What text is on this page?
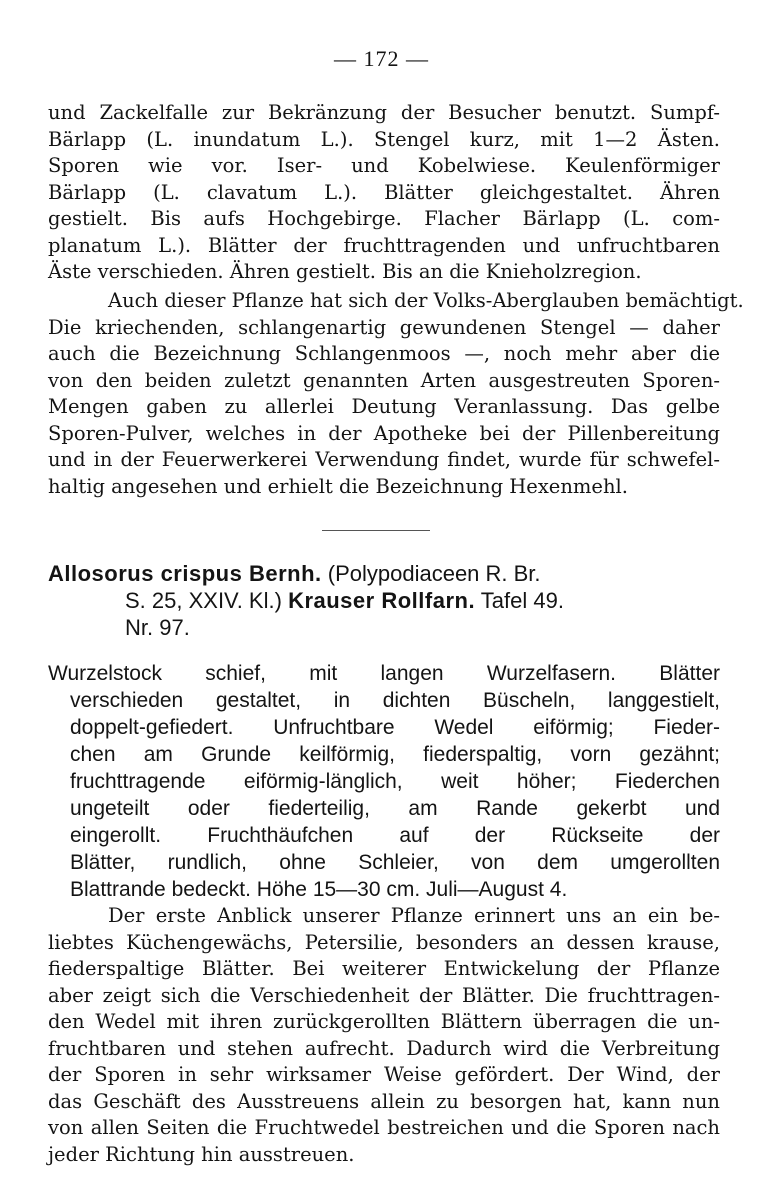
— 172 —
und Zackelfalle zur Bekränzung der Besucher benutzt. Sumpf-
Bärlapp (L. inundatum L.). Stengel kurz, mit 1—2 Ästen.
Sporen wie vor. Iser- und Kobelwiese. Keulenförmiger
Bärlapp (L. clavatum L.). Blätter gleichgestaltet. Ähren
gestielt. Bis aufs Hochgebirge. Flacher Bärlapp (L. com-
planatum L.). Blätter der fruchttragenden und unfruchtbaren
Äste verschieden. Ähren gestielt. Bis an die Knieholzregion.
Auch dieser Pflanze hat sich der Volks-Aberglauben bemächtigt.
Die kriechenden, schlangenartig gewundenen Stengel — daher
auch die Bezeichnung Schlangenmoos —, noch mehr aber die
von den beiden zuletzt genannten Arten ausgestreuten Sporen-
Mengen gaben zu allerlei Deutung Veranlassung. Das gelbe
Sporen-Pulver, welches in der Apotheke bei der Pillenbereitung
und in der Feuerwerkerei Verwendung findet, wurde für schwefel-
haltig angesehen und erhielt die Bezeichnung Hexenmehl.
Allosorus crispus Bernh. (Polypodiaceen R. Br.
S. 25, XXIV. Kl.) Krauser Rollfarn. Tafel 49.
Nr. 97.
Wurzelstock schief, mit langen Wurzelfasern. Blätter
verschieden gestaltet, in dichten Büscheln, langgestielt,
doppelt-gefiedert. Unfruchtbare Wedel eiförmig; Fieder-
chen am Grunde keilförmig, fiederspaltig, vorn gezähnt;
fruchttragende eiförmig-länglich, weit höher; Fiederchen
ungeteilt oder fiederteilig, am Rande gekerbt und
eingerollt. Fruchthäufchen auf der Rückseite der
Blätter, rundlich, ohne Schleier, von dem umgerollten
Blattrande bedeckt. Höhe 15—30 cm. Juli—August 4.
Der erste Anblick unserer Pflanze erinnert uns an ein be-
liebtes Küchengewächs, Petersilie, besonders an dessen krause,
fiederspaltige Blätter. Bei weiterer Entwickelung der Pflanze
aber zeigt sich die Verschiedenheit der Blätter. Die fruchttragen-
den Wedel mit ihren zurückgerollten Blättern überragen die un-
fruchtbaren und stehen aufrecht. Dadurch wird die Verbreitung
der Sporen in sehr wirksamer Weise gefördert. Der Wind, der
das Geschäft des Ausstreuens allein zu besorgen hat, kann nun
von allen Seiten die Fruchtwedel bestreichen und die Sporen nach
jeder Richtung hin ausstreuen.
